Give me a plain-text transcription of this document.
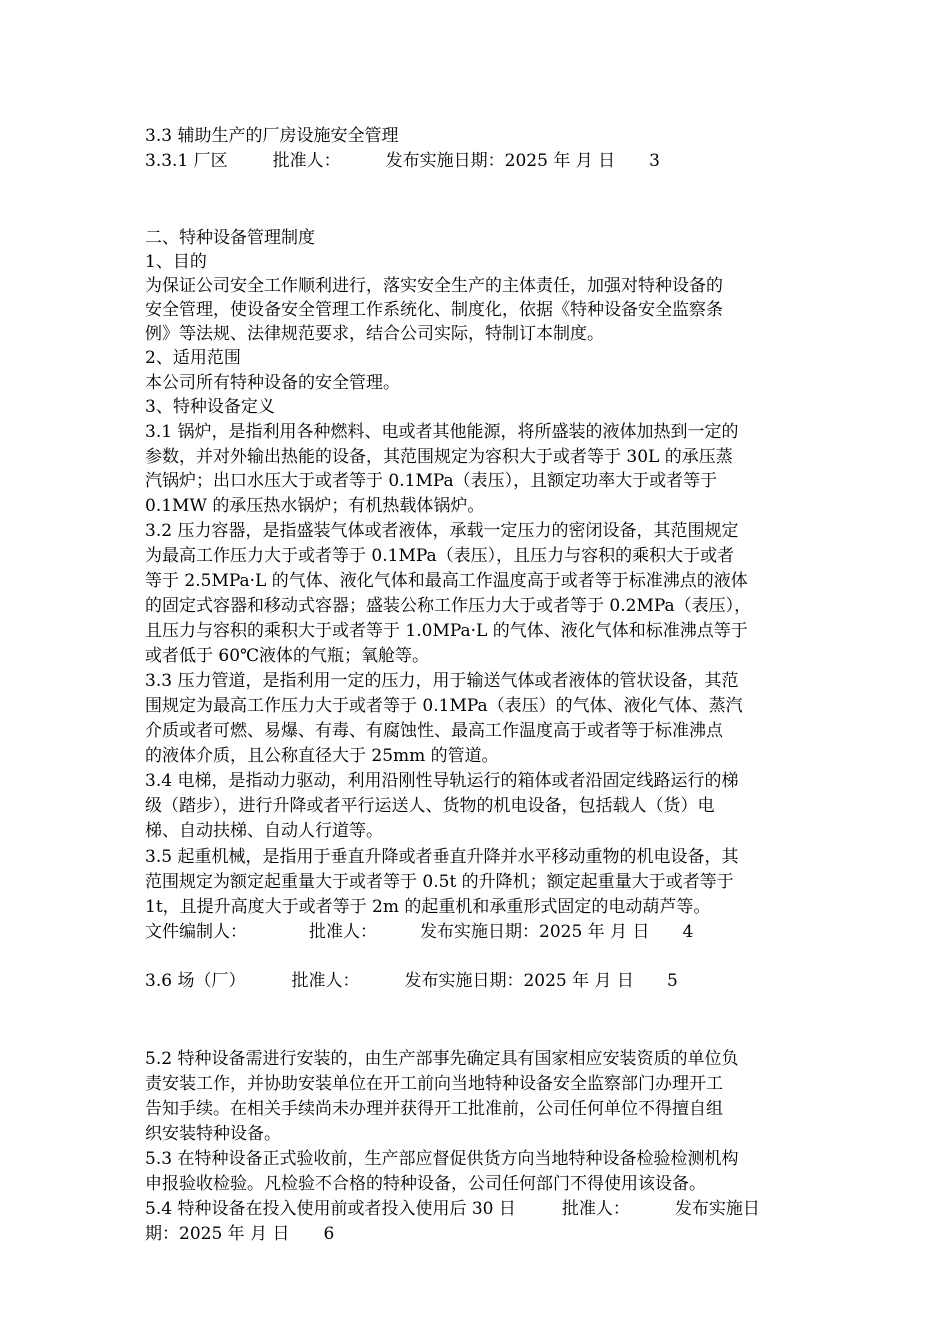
3.3 辅助生产的厂房设施安全管理
3.3.1 厂区	批准人：	发布实施日期：2025 年 月 日 3
二、特种设备管理制度
1、目的
为保证公司安全工作顺利进行，落实安全生产的主体责任，加强对特种设备的
安全管理，使设备安全管理工作系统化、制度化，依据《特种设备安全监察条
例》等法规、法律规范要求，结合公司实际，特制订本制度。
2、适用范围
本公司所有特种设备的安全管理。
3、特种设备定义
3.1 锅炉，是指利用各种燃料、电或者其他能源，将所盛装的液体加热到一定的
参数，并对外输出热能的设备，其范围规定为容积大于或者等于 30L 的承压蒸
汽锅炉；出口水压大于或者等于 0.1MPa（表压），且额定功率大于或者等于
0.1MW 的承压热水锅炉；有机热载体锅炉。
3.2 压力容器，是指盛装气体或者液体，承载一定压力的密闭设备，其范围规定
为最高工作压力大于或者等于 0.1MPa（表压），且压力与容积的乘积大于或者
等于 2.5MPa·L 的气体、液化气体和最高工作温度高于或者等于标准沸点的液体
的固定式容器和移动式容器；盛装公称工作压力大于或者等于 0.2MPa（表压），
且压力与容积的乘积大于或者等于 1.0MPa·L 的气体、液化气体和标准沸点等于
或者低于 60℃液体的气瓶；氧舱等。
3.3 压力管道，是指利用一定的压力，用于输送气体或者液体的管状设备，其范
围规定为最高工作压力大于或者等于 0.1MPa（表压）的气体、液化气体、蒸汽
介质或者可燃、易爆、有毒、有腐蚀性、最高工作温度高于或者等于标准沸点
的液体介质，且公称直径大于 25mm 的管道。
3.4 电梯，是指动力驱动，利用沿刚性导轨运行的箱体或者沿固定线路运行的梯
级（踏步），进行升降或者平行运送人、货物的机电设备，包括载人（货）电
梯、自动扶梯、自动人行道等。
3.5 起重机械，是指用于垂直升降或者垂直升降并水平移动重物的机电设备，其
范围规定为额定起重量大于或者等于 0.5t 的升降机；额定起重量大于或者等于
1t，且提升高度大于或者等于 2m 的起重机和承重形式固定的电动葫芦等。
文件编制人：	批准人：	发布实施日期：2025 年 月 日 4
3.6 场（厂）	批准人：	发布实施日期：2025 年 月 日 5
5.2 特种设备需进行安装的，由生产部事先确定具有国家相应安装资质的单位负
责安装工作，并协助安装单位在开工前向当地特种设备安全监察部门办理开工
告知手续。在相关手续尚未办理并获得开工批准前，公司任何单位不得擅自组
织安装特种设备。
5.3 在特种设备正式验收前，生产部应督促供货方向当地特种设备检验检测机构
申报验收检验。凡检验不合格的特种设备，公司任何部门不得使用该设备。
5.4 特种设备在投入使用前或者投入使用后 30 日	批准人：	发布实施日
期：2025 年 月 日 6
